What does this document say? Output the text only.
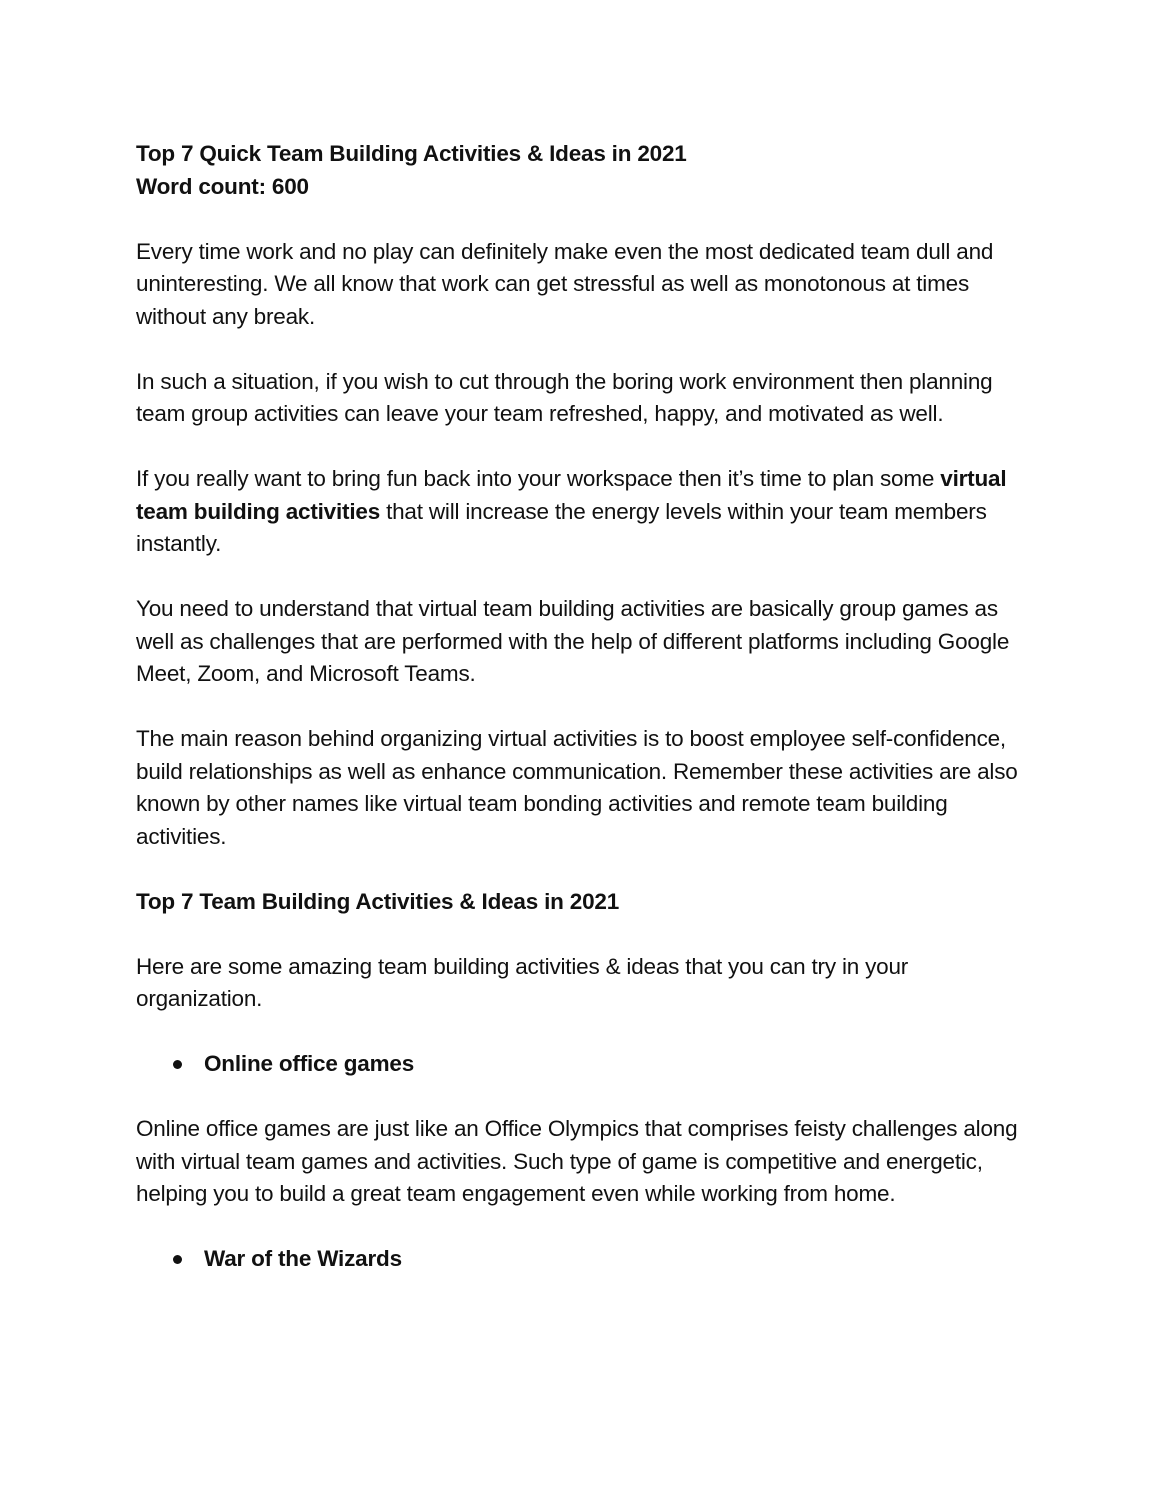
Top 7 Quick Team Building Activities & Ideas in 2021
Word count: 600

Every time work and no play can definitely make even the most dedicated team dull and uninteresting. We all know that work can get stressful as well as monotonous at times without any break.

In such a situation, if you wish to cut through the boring work environment then planning team group activities can leave your team refreshed, happy, and motivated as well.

If you really want to bring fun back into your workspace then it’s time to plan some virtual team building activities that will increase the energy levels within your team members instantly.

You need to understand that virtual team building activities are basically group games as well as challenges that are performed with the help of different platforms including Google Meet, Zoom, and Microsoft Teams.

The main reason behind organizing virtual activities is to boost employee self-confidence, build relationships as well as enhance communication. Remember these activities are also known by other names like virtual team bonding activities and remote team building activities.

Top 7 Team Building Activities & Ideas in 2021

Here are some amazing team building activities & ideas that you can try in your organization.

Online office games

Online office games are just like an Office Olympics that comprises feisty challenges along with virtual team games and activities. Such type of game is competitive and energetic, helping you to build a great team engagement even while working from home.

War of the Wizards
